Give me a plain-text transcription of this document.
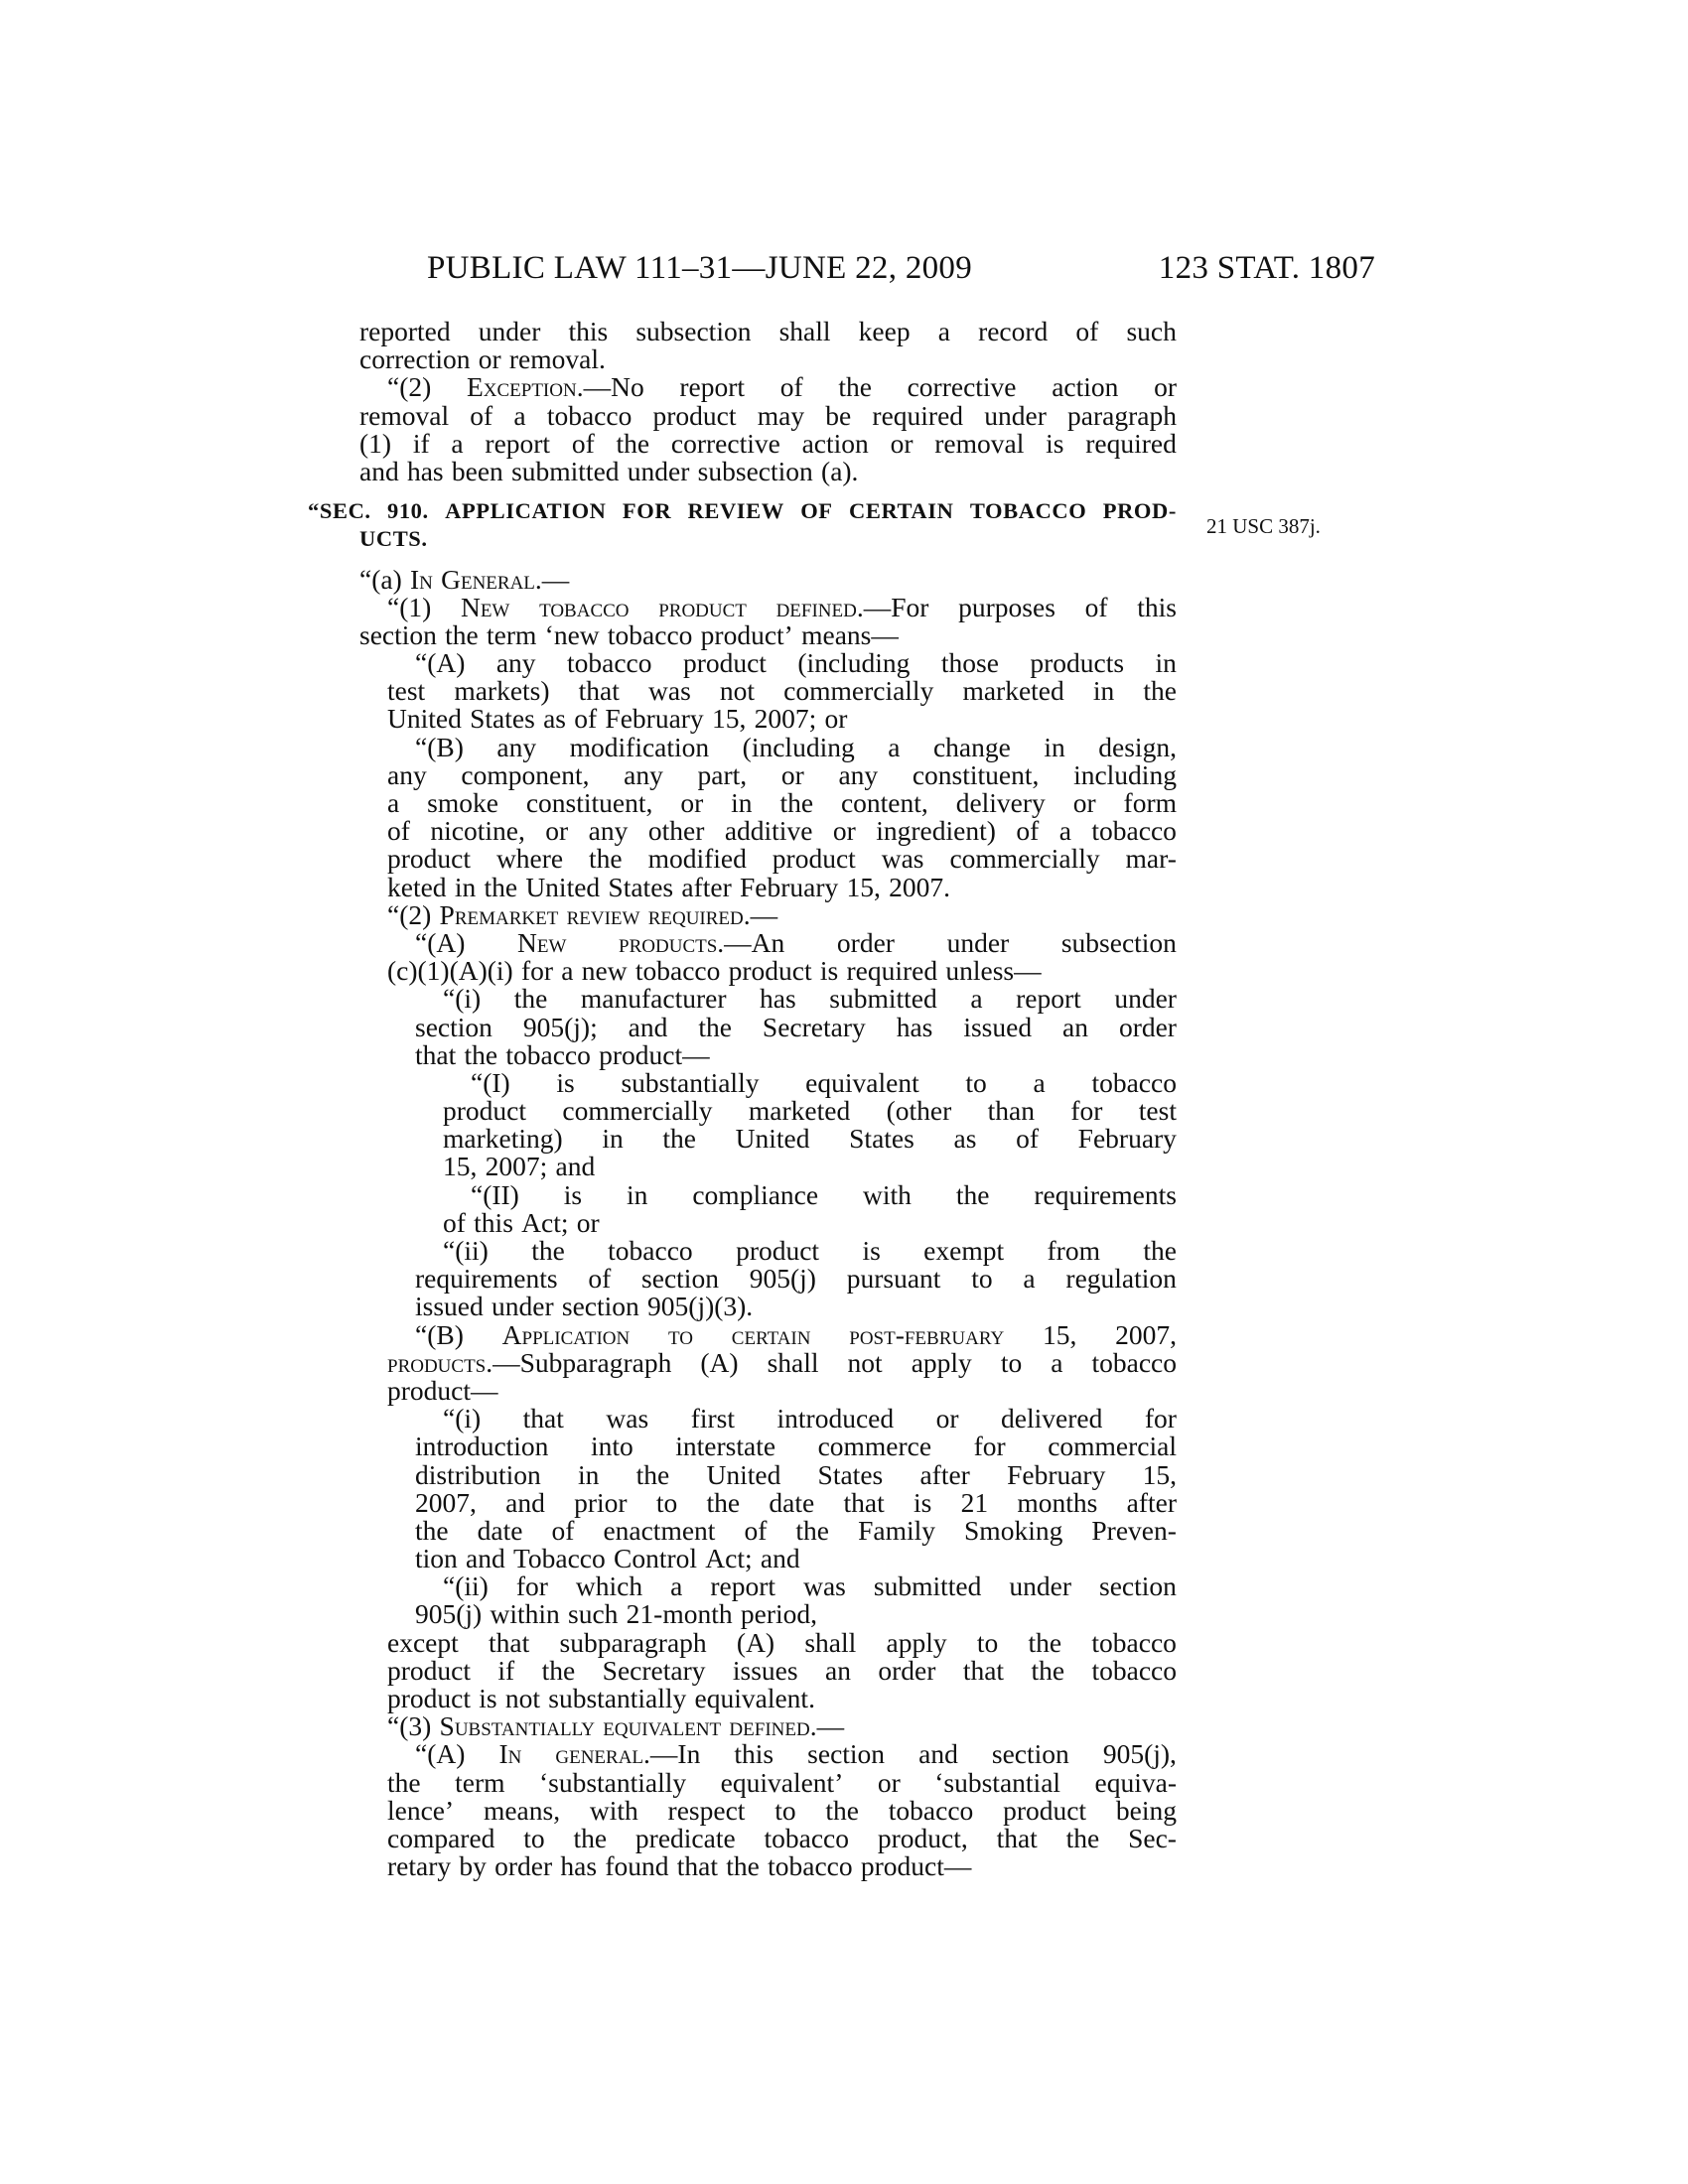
PUBLIC LAW 111–31—JUNE 22, 2009	123 STAT. 1807
21 USC 387j.
reported under this subsection shall keep a record of such
correction or removal.
“(2) Exception.—No report of the corrective action or
removal of a tobacco product may be required under paragraph
(1) if a report of the corrective action or removal is required
and has been submitted under subsection (a).
“SEC. 910. APPLICATION FOR REVIEW OF CERTAIN TOBACCO PROD-
UCTS.
“(a) In General.—
“(1) New tobacco product defined.—For purposes of this
section the term ‘new tobacco product’ means—
“(A) any tobacco product (including those products in
test markets) that was not commercially marketed in the
United States as of February 15, 2007; or
“(B) any modification (including a change in design,
any component, any part, or any constituent, including
a smoke constituent, or in the content, delivery or form
of nicotine, or any other additive or ingredient) of a tobacco
product where the modified product was commercially mar-
keted in the United States after February 15, 2007.
“(2) Premarket review required.—
“(A) New products.—An order under subsection
(c)(1)(A)(i) for a new tobacco product is required unless—
“(i) the manufacturer has submitted a report under
section 905(j); and the Secretary has issued an order
that the tobacco product—
“(I) is substantially equivalent to a tobacco
product commercially marketed (other than for test
marketing) in the United States as of February
15, 2007; and
“(II) is in compliance with the requirements
of this Act; or
“(ii) the tobacco product is exempt from the
requirements of section 905(j) pursuant to a regulation
issued under section 905(j)(3).
“(B) Application to certain post-february 15, 2007,
products.—Subparagraph (A) shall not apply to a tobacco
product—
“(i) that was first introduced or delivered for
introduction into interstate commerce for commercial
distribution in the United States after February 15,
2007, and prior to the date that is 21 months after
the date of enactment of the Family Smoking Preven-
tion and Tobacco Control Act; and
“(ii) for which a report was submitted under section
905(j) within such 21-month period,
except that subparagraph (A) shall apply to the tobacco
product if the Secretary issues an order that the tobacco
product is not substantially equivalent.
“(3) Substantially equivalent defined.—
“(A) In general.—In this section and section 905(j),
the term ‘substantially equivalent’ or ‘substantial equiva-
lence’ means, with respect to the tobacco product being
compared to the predicate tobacco product, that the Sec-
retary by order has found that the tobacco product—
